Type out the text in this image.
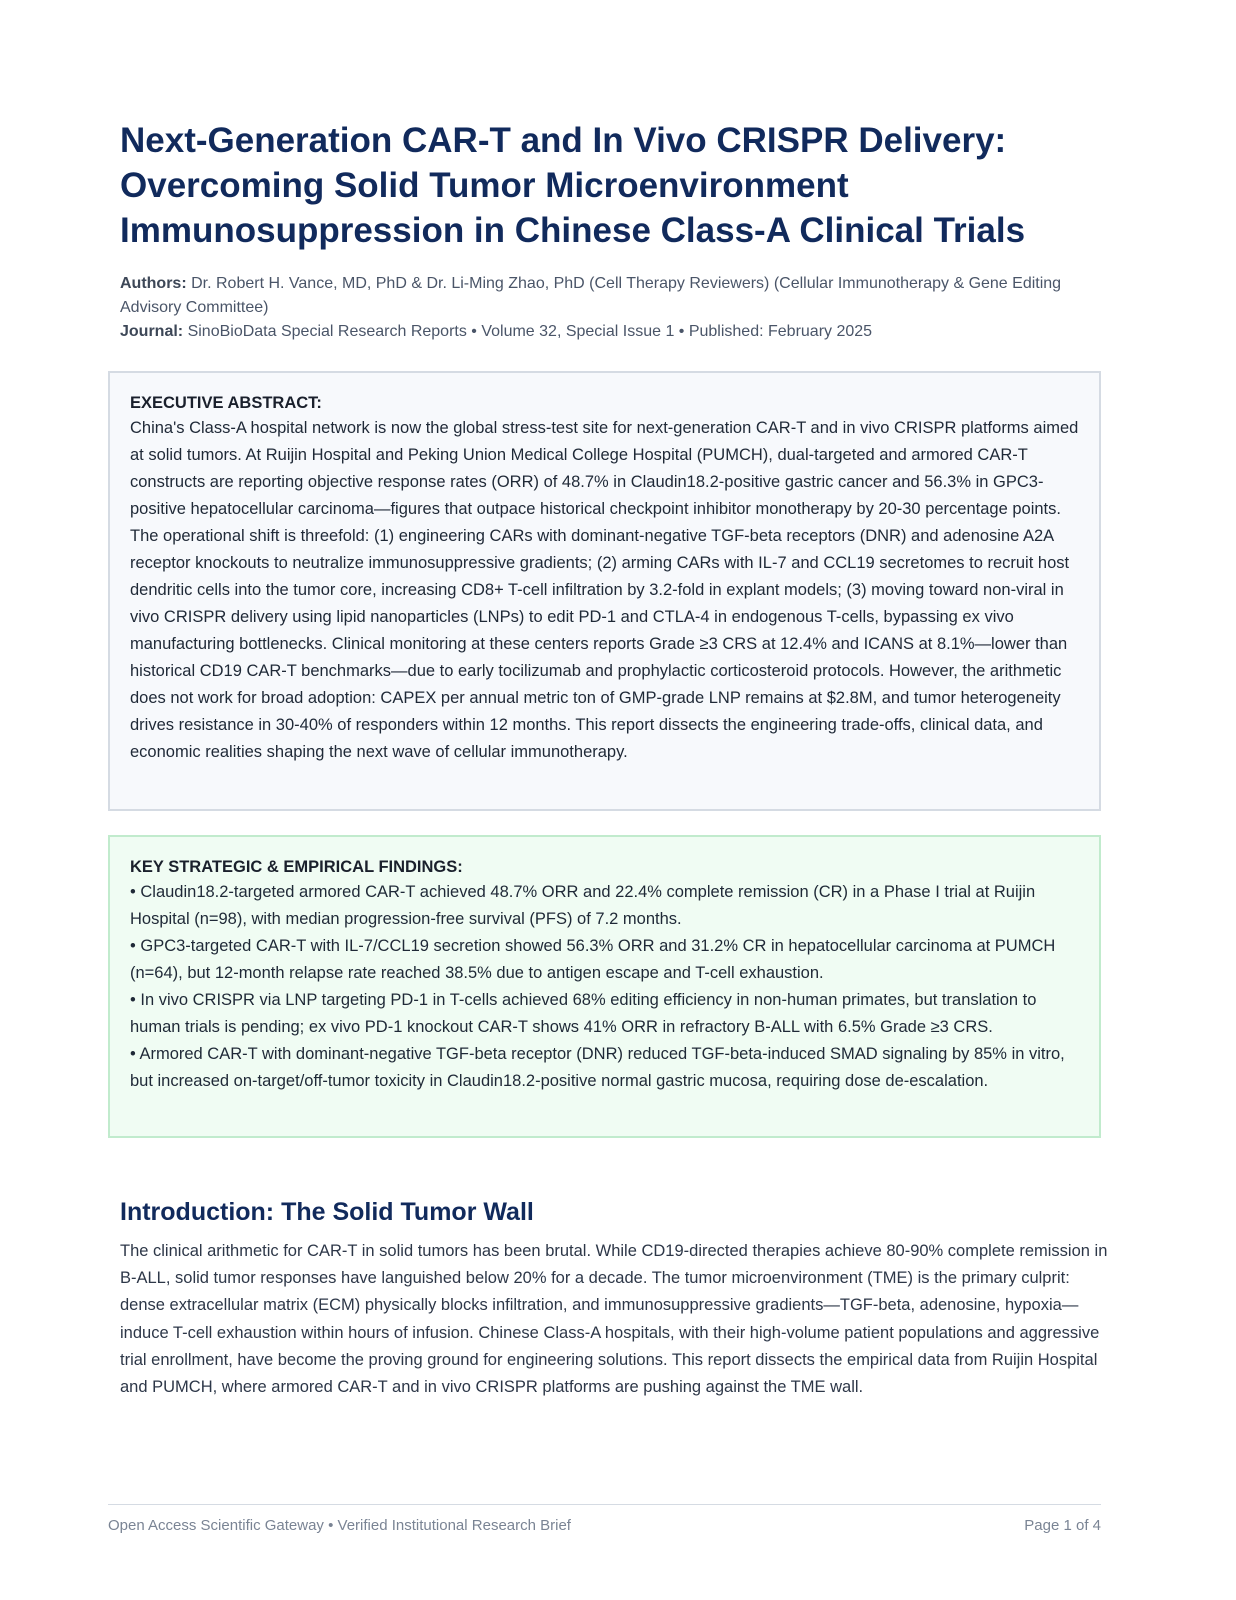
Next-Generation CAR-T and In Vivo CRISPR Delivery: Overcoming Solid Tumor Microenvironment Immunosuppression in Chinese Class-A Clinical Trials

Authors: Dr. Robert H. Vance, MD, PhD & Dr. Li-Ming Zhao, PhD (Cell Therapy Reviewers) (Cellular Immunotherapy & Gene Editing Advisory Committee)

Journal: SinoBioData Special Research Reports • Volume 32, Special Issue 1 • Published: February 2025

EXECUTIVE ABSTRACT:

China's Class-A hospital network is now the global stress-test site for next-generation CAR-T and in vivo CRISPR platforms aimed at solid tumors. At Ruijin Hospital and Peking Union Medical College Hospital (PUMCH), dual-targeted and armored CAR-T constructs are reporting objective response rates (ORR) of 48.7% in Claudin18.2-positive gastric cancer and 56.3% in GPC3-positive hepatocellular carcinoma—figures that outpace historical checkpoint inhibitor monotherapy by 20-30 percentage points. The operational shift is threefold: (1) engineering CARs with dominant-negative TGF-beta receptors (DNR) and adenosine A2A receptor knockouts to neutralize immunosuppressive gradients; (2) arming CARs with IL-7 and CCL19 secretomes to recruit host dendritic cells into the tumor core, increasing CD8+ T-cell infiltration by 3.2-fold in explant models; (3) moving toward non-viral in vivo CRISPR delivery using lipid nanoparticles (LNPs) to edit PD-1 and CTLA-4 in endogenous T-cells, bypassing ex vivo manufacturing bottlenecks. Clinical monitoring at these centers reports Grade ≥3 CRS at 12.4% and ICANS at 8.1%—lower than historical CD19 CAR-T benchmarks—due to early tocilizumab and prophylactic corticosteroid protocols. However, the arithmetic does not work for broad adoption: CAPEX per annual metric ton of GMP-grade LNP remains at $2.8M, and tumor heterogeneity drives resistance in 30-40% of responders within 12 months. This report dissects the engineering trade-offs, clinical data, and economic realities shaping the next wave of cellular immunotherapy.

KEY STRATEGIC & EMPIRICAL FINDINGS:

• Claudin18.2-targeted armored CAR-T achieved 48.7% ORR and 22.4% complete remission (CR) in a Phase I trial at Ruijin Hospital (n=98), with median progression-free survival (PFS) of 7.2 months.

• GPC3-targeted CAR-T with IL-7/CCL19 secretion showed 56.3% ORR and 31.2% CR in hepatocellular carcinoma at PUMCH (n=64), but 12-month relapse rate reached 38.5% due to antigen escape and T-cell exhaustion.

• In vivo CRISPR via LNP targeting PD-1 in T-cells achieved 68% editing efficiency in non-human primates, but translation to human trials is pending; ex vivo PD-1 knockout CAR-T shows 41% ORR in refractory B-ALL with 6.5% Grade ≥3 CRS.

• Armored CAR-T with dominant-negative TGF-beta receptor (DNR) reduced TGF-beta-induced SMAD signaling by 85% in vitro, but increased on-target/off-tumor toxicity in Claudin18.2-positive normal gastric mucosa, requiring dose de-escalation.

Introduction: The Solid Tumor Wall

The clinical arithmetic for CAR-T in solid tumors has been brutal. While CD19-directed therapies achieve 80-90% complete remission in B-ALL, solid tumor responses have languished below 20% for a decade. The tumor microenvironment (TME) is the primary culprit: dense extracellular matrix (ECM) physically blocks infiltration, and immunosuppressive gradients—TGF-beta, adenosine, hypoxia—induce T-cell exhaustion within hours of infusion. Chinese Class-A hospitals, with their high-volume patient populations and aggressive trial enrollment, have become the proving ground for engineering solutions. This report dissects the empirical data from Ruijin Hospital and PUMCH, where armored CAR-T and in vivo CRISPR platforms are pushing against the TME wall.

Open Access Scientific Gateway • Verified Institutional Research Brief	Page 1 of 4
